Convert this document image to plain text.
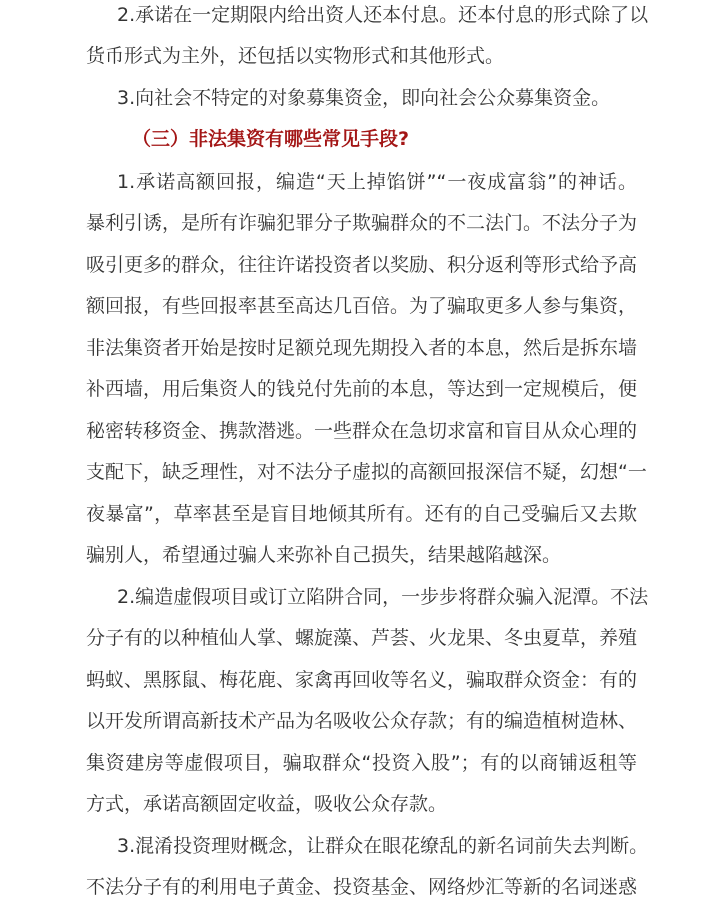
2.承诺在一定期限内给出资人还本付息。还本付息的形式除了以
货币形式为主外，还包括以实物形式和其他形式。
3.向社会不特定的对象募集资金，即向社会公众募集资金。
（三）非法集资有哪些常见手段?
1.承诺高额回报，编造“天上掉馅饼”“一夜成富翁”的神话。
暴利引诱，是所有诈骗犯罪分子欺骗群众的不二法门。不法分子为
吸引更多的群众，往往许诺投资者以奖励、积分返利等形式给予高
额回报，有些回报率甚至高达几百倍。为了骗取更多人参与集资，
非法集资者开始是按时足额兑现先期投入者的本息，然后是拆东墙
补西墙，用后集资人的钱兑付先前的本息，等达到一定规模后，便
秘密转移资金、携款潜逃。一些群众在急切求富和盲目从众心理的
支配下，缺乏理性，对不法分子虚拟的高额回报深信不疑，幻想“一
夜暴富”，草率甚至是盲目地倾其所有。还有的自己受骗后又去欺
骗别人，希望通过骗人来弥补自己损失，结果越陷越深。
2.编造虚假项目或订立陷阱合同，一步步将群众骗入泥潭。不法
分子有的以种植仙人掌、螺旋藻、芦荟、火龙果、冬虫夏草，养殖
蚂蚁、黑豚鼠、梅花鹿、家禽再回收等名义，骗取群众资金：有的
以开发所谓高新技术产品为名吸收公众存款；有的编造植树造林、
集资建房等虚假项目，骗取群众“投资入股”；有的以商铺返租等
方式，承诺高额固定收益，吸收公众存款。
3.混淆投资理财概念，让群众在眼花缭乱的新名词前失去判断。
不法分子有的利用电子黄金、投资基金、网络炒汇等新的名词迷惑
